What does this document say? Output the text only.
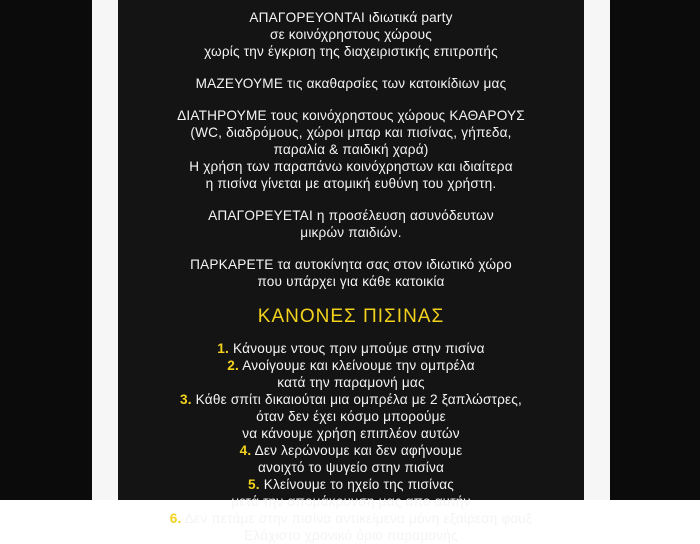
ΑΠΑΓΟΡΕΥΟΝΤΑΙ ιδιωτικά party
σε κοινόχρηστους χώρους
χωρίς την έγκριση της διαχειριστικής επιτροπής
ΜΑΖΕΥΟΥΜΕ τις ακαθαρσίες των κατοικίδιων μας
ΔΙΑΤΗΡΟΥΜΕ τους κοινόχρηστους χώρους ΚΑΘΑΡΟΥΣ
(WC, διαδρόμους, χώροι μπαρ και πισίνας, γήπεδα,
παραλία & παιδική χαρά)
Η χρήση των παραπάνω κοινόχρηστων και ιδιαίτερα
η πισίνα γίνεται με ατομική ευθύνη του χρήστη.
ΑΠΑΓΟΡΕΥΕΤΑΙ η προσέλευση ασυνόδευτων
μικρών παιδιών.
ΠΑΡΚΑΡΕΤΕ τα αυτοκίνητα σας στον ιδιωτικό χώρο
που υπάρχει για κάθε κατοικία
ΚΑΝΟΝΕΣ ΠΙΣΙΝΑΣ
1. Κάνουμε ντους πριν μπούμε στην πισίνα
2. Ανοίγουμε και κλείνουμε την ομπρέλα
κατά την παραμονή μας
3. Κάθε σπίτι δικαιούται μια ομπρέλα με 2 ξαπλώστρες,
όταν δεν έχει κόσμο μπορούμε
να κάνουμε χρήση επιπλέον αυτών
4. Δεν λερώνουμε και δεν αφήνουμε
ανοιχτό το ψυγείο στην πισίνα
5. Κλείνουμε το ηχείο της πισίνας
μετά την απομάκρυνση μας απο αυτήν
6. Δεν πετάμε στην πισίνα αντικείμενα μόνη εξαίρεση φουξ
Ελάχιστο χρονικό όριο παραμονής
